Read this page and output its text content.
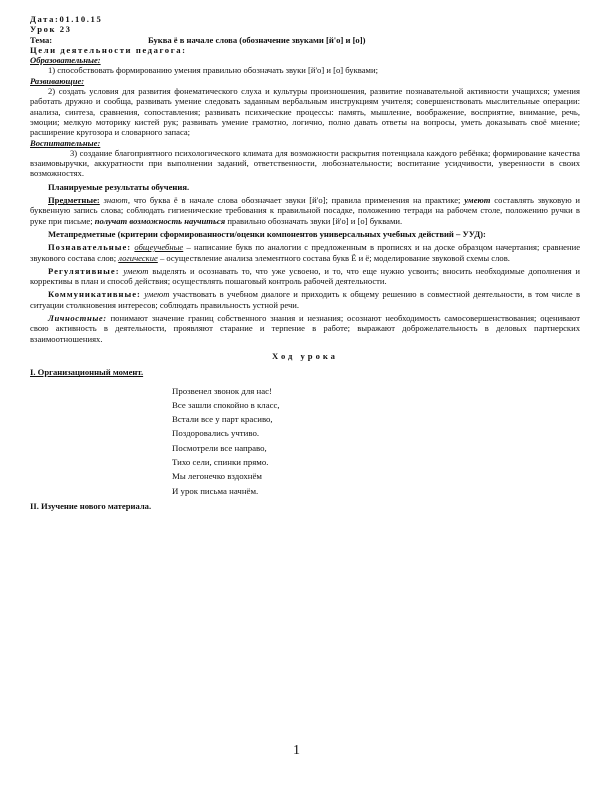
Дата:01.10.15

Урок 23

Тема:	Буква ё в начале слова (обозначение звуками [й'о] и [о])

Цели деятельности педагога:

Образовательные:

1) способствовать формированию умения правильно обозначать звуки [й'о] и [о] буквами;

Развивающие:

2) создать условия для развития фонематического слуха и культуры произношения, развитие познавательной активности учащихся; умения работать дружно и сообща, развивать умение следовать заданным вербальным инструкциям учителя; совершенствовать мыслительные операции: анализа, синтеза, сравнения, сопоставления; развивать психические процессы: память, мышление, воображение, восприятие, внимание, речь, эмоции; мелкую моторику кистей рук; развивать умение грамотно, логично, полно давать ответы на вопросы, уметь доказывать своё мнение; расширение кругозора и словарного запаса;

Воспитательные:

3) создание благоприятного психологического климата для возможности раскрытия потенциала каждого ребёнка; формирование качества взаимовыручки, аккуратности при выполнении заданий, ответственности, любознательности; воспитание усидчивости, уверенности в своих возможностях.

Планируемые результаты обучения.

Предметные: знают, что буква ё в начале слова обозначает звуки [й'о]; правила применения на практике; умеют составлять звуковую и буквенную запись слова; соблюдать гигиенические требования к правильной посадке, положению тетради на рабочем столе, положению ручки в руке при письме; получат возможность научиться правильно обозначать звуки [й'о] и [о] буквами.

Метапредметные (критерии сформированности/оценки компонентов универсальных учебных действий – УУД):

Познавательные: общеучебные – написание букв по аналогии с предложенным в прописях и на доске образцом начертания; сравнение звукового состава слов; логические – осуществление анализа элементного состава букв Ё и ё; моделирование звуковой схемы слов.

Регулятивные: умеют выделять и осознавать то, что уже усвоено, и то, что еще нужно усвоить; вносить необходимые дополнения и коррективы в план и способ действия; осуществлять пошаговый контроль рабочей деятельности.

Коммуникативные: умеют участвовать в учебном диалоге и приходить к общему решению в совместной деятельности, в том числе в ситуации столкновения интересов; соблюдать правильность устной речи.

Личностные: понимают значение границ собственного знания и незнания; осознают необходимость самосовершенствования; оценивают свою активность в деятельности, проявляют старание и терпение в работе; выражают доброжелательность в деловых партнерских взаимоотношениях.

Ход урока

I. Организационный момент.

Прозвенел звонок для нас!
Все зашли спокойно в класс,
Встали все у парт красиво,
Поздоровались учтиво.
Посмотрели все направо,
Тихо сели, спинки прямо.
Мы легонечко вздохнём
И урок письма начнём.

II. Изучение нового материала.

1
